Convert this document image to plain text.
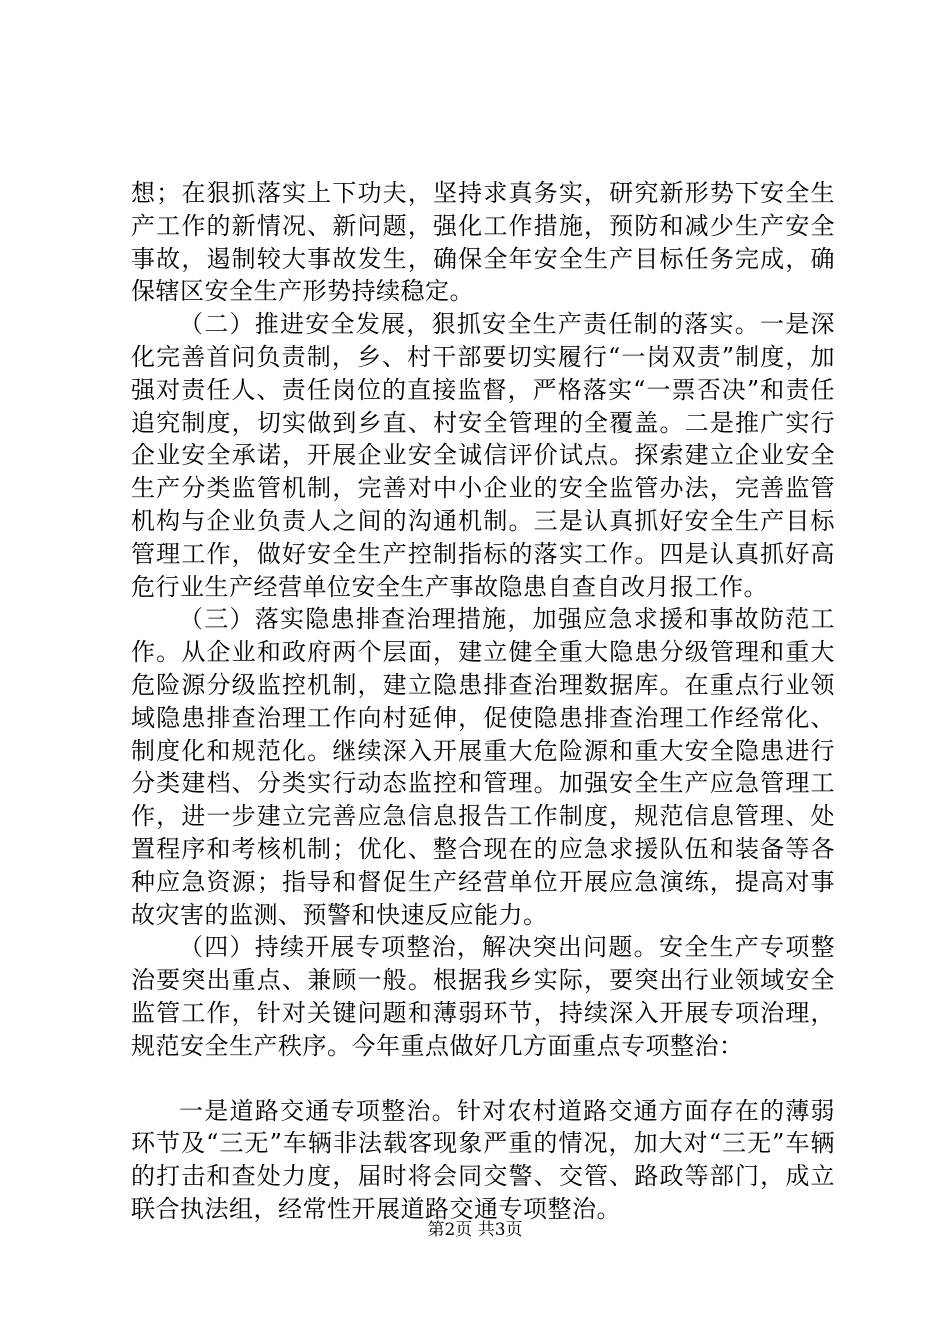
想；在狠抓落实上下功夫，坚持求真务实，研究新形势下安全生产工作的新情况、新问题，强化工作措施，预防和减少生产安全事故，遏制较大事故发生，确保全年安全生产目标任务完成，确保辖区安全生产形势持续稳定。

（二）推进安全发展，狠抓安全生产责任制的落实。一是深化完善首问负责制，乡、村干部要切实履行“一岗双责”制度，加强对责任人、责任岗位的直接监督，严格落实“一票否决”和责任追究制度，切实做到乡直、村安全管理的全覆盖。二是推广实行企业安全承诺，开展企业安全诚信评价试点。探索建立企业安全生产分类监管机制，完善对中小企业的安全监管办法，完善监管机构与企业负责人之间的沟通机制。三是认真抓好安全生产目标管理工作，做好安全生产控制指标的落实工作。四是认真抓好高危行业生产经营单位安全生产事故隐患自查自改月报工作。

（三）落实隐患排查治理措施，加强应急求援和事故防范工作。从企业和政府两个层面，建立健全重大隐患分级管理和重大危险源分级监控机制，建立隐患排查治理数据库。在重点行业领域隐患排查治理工作向村延伸，促使隐患排查治理工作经常化、制度化和规范化。继续深入开展重大危险源和重大安全隐患进行分类建档、分类实行动态监控和管理。加强安全生产应急管理工作，进一步建立完善应急信息报告工作制度，规范信息管理、处置程序和考核机制；优化、整合现在的应急求援队伍和装备等各种应急资源；指导和督促生产经营单位开展应急演练，提高对事故灾害的监测、预警和快速反应能力。

（四）持续开展专项整治，解决突出问题。安全生产专项整治要突出重点、兼顾一般。根据我乡实际，要突出行业领域安全监管工作，针对关键问题和薄弱环节，持续深入开展专项治理，规范安全生产秩序。今年重点做好几方面重点专项整治：

一是道路交通专项整治。针对农村道路交通方面存在的薄弱环节及“三无”车辆非法载客现象严重的情况，加大对“三无”车辆的打击和查处力度，届时将会同交警、交管、路政等部门，成立联合执法组，经常性开展道路交通专项整治。

第2页 共3页
